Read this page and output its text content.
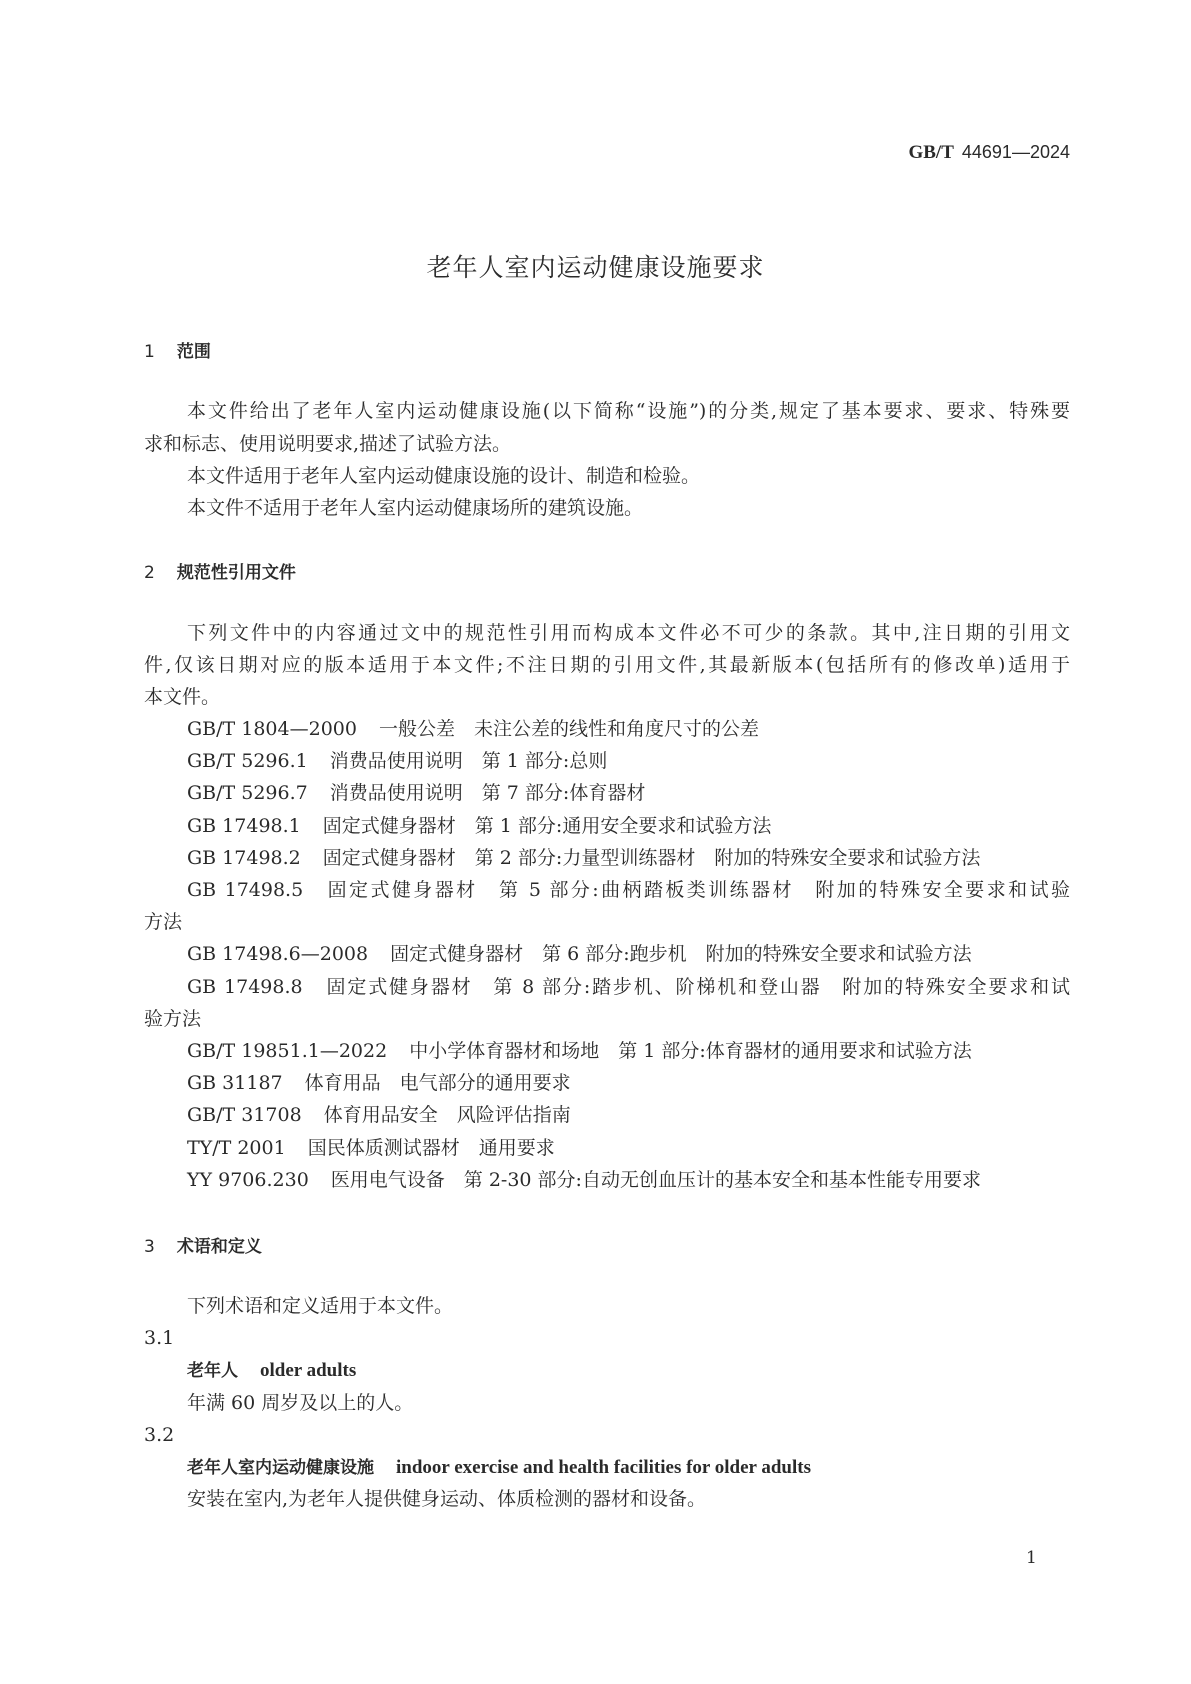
GB/T 44691—2024
老年人室内运动健康设施要求
1 范围
本文件给出了老年人室内运动健康设施(以下简称“设施”)的分类,规定了基本要求、要求、特殊要
求和标志、使用说明要求,描述了试验方法。
本文件适用于老年人室内运动健康设施的设计、制造和检验。
本文件不适用于老年人室内运动健康场所的建筑设施。
2 规范性引用文件
下列文件中的内容通过文中的规范性引用而构成本文件必不可少的条款。其中,注日期的引用文
件,仅该日期对应的版本适用于本文件;不注日期的引用文件,其最新版本(包括所有的修改单)适用于
本文件。
GB/T 1804—2000 一般公差　未注公差的线性和角度尺寸的公差
GB/T 5296.1 消费品使用说明　第 1 部分:总则
GB/T 5296.7 消费品使用说明　第 7 部分:体育器材
GB 17498.1 固定式健身器材　第 1 部分:通用安全要求和试验方法
GB 17498.2 固定式健身器材　第 2 部分:力量型训练器材　附加的特殊安全要求和试验方法
GB 17498.5 固定式健身器材　第 5 部分:曲柄踏板类训练器材　附加的特殊安全要求和试验
方法
GB 17498.6—2008 固定式健身器材　第 6 部分:跑步机　附加的特殊安全要求和试验方法
GB 17498.8 固定式健身器材　第 8 部分:踏步机、阶梯机和登山器　附加的特殊安全要求和试
验方法
GB/T 19851.1—2022 中小学体育器材和场地　第 1 部分:体育器材的通用要求和试验方法
GB 31187 体育用品　电气部分的通用要求
GB/T 31708 体育用品安全　风险评估指南
TY/T 2001 国民体质测试器材　通用要求
YY 9706.230 医用电气设备　第 2-30 部分:自动无创血压计的基本安全和基本性能专用要求
3 术语和定义
下列术语和定义适用于本文件。
3.1
老年人 older adults
年满 60 周岁及以上的人。
3.2
老年人室内运动健康设施 indoor exercise and health facilities for older adults
安装在室内,为老年人提供健身运动、体质检测的器材和设备。
1
